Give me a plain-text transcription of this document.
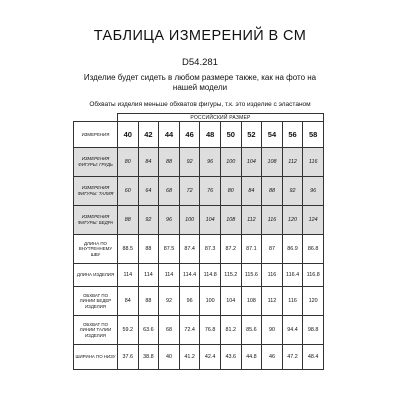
ТАБЛИЦА ИЗМЕРЕНИЙ В СМ
D54.281
Изделие будет сидеть в любом размере также, как на фото на
нашей модели
Обхваты изделия меньше обхватов фигуры, т.к. это изделие с эластаном
	РОССИЙСКИЙ РАЗМЕР									
ИЗМЕРЕНИЯ	40	42	44	46	48	50	52	54	56	58
ИЗМЕРЕНИЯ ФИГУРЫ: ГРУДЬ	80	84	88	92	96	100	104	108	112	116
ИЗМЕРЕНИЯ ФИГУРЫ: ТАЛИЯ	60	64	68	72	76	80	84	88	92	96
ИЗМЕРЕНИЯ ФИГУРЫ: БЕДРА	88	92	96	100	104	108	112	116	120	124
ДЛИНА ПО ВНУТРЕННЕМУ ШВУ	88.5	88	87.5	87.4	87.3	87.2	87.1	87	86.9	86.8
ДЛИНА ИЗДЕЛИЯ	114	114	114	114.4	114.8	115.2	115.6	116	116.4	116.8
ОБХВАТ ПО ЛИНИИ БЕДЕР ИЗДЕЛИЯ	84	88	92	96	100	104	108	112	116	120
ОБХВАТ ПО ЛИНИИ ТАЛИИ ИЗДЕЛИЯ	59.2	63.6	68	72.4	76.8	81.2	85.6	90	94.4	98.8
ШИРИНА ПО НИЗУ	37.6	38.8	40	41.2	42.4	43.6	44.8	46	47.2	48.4
